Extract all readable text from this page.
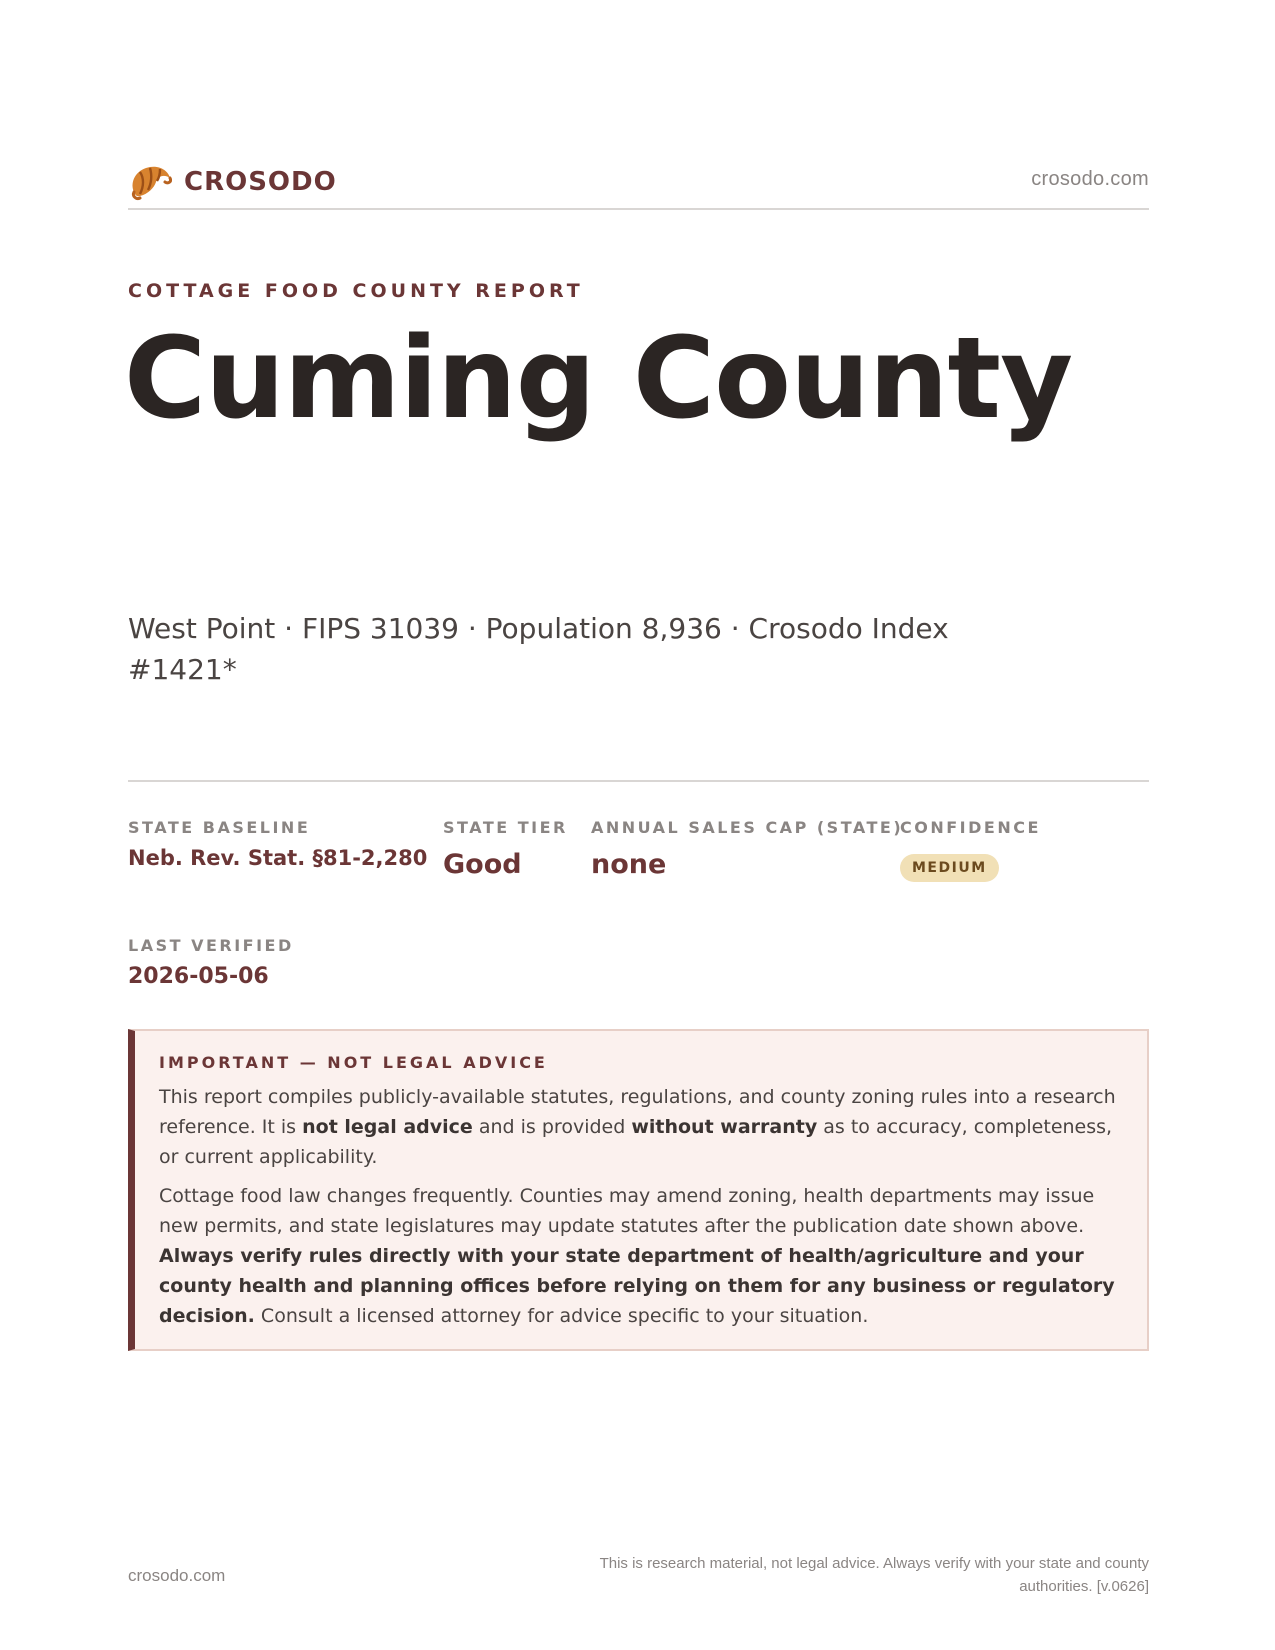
CROSODO	crosodo.com
COTTAGE FOOD COUNTY REPORT
Cuming County
West Point · FIPS 31039 · Population 8,936 · Crosodo Index #1421*
STATE BASELINE
Neb. Rev. Stat. §81-2,280
STATE TIER
Good
ANNUAL SALES CAP (STATE)
none
CONFIDENCE
MEDIUM
LAST VERIFIED
2026-05-06
IMPORTANT — NOT LEGAL ADVICE

This report compiles publicly-available statutes, regulations, and county zoning rules into a research reference. It is not legal advice and is provided without warranty as to accuracy, completeness, or current applicability.

Cottage food law changes frequently. Counties may amend zoning, health departments may issue new permits, and state legislatures may update statutes after the publication date shown above. Always verify rules directly with your state department of health/agriculture and your county health and planning offices before relying on them for any business or regulatory decision. Consult a licensed attorney for advice specific to your situation.

crosodo.com
This is research material, not legal advice. Always verify with your state and county authorities. [v.0626]
